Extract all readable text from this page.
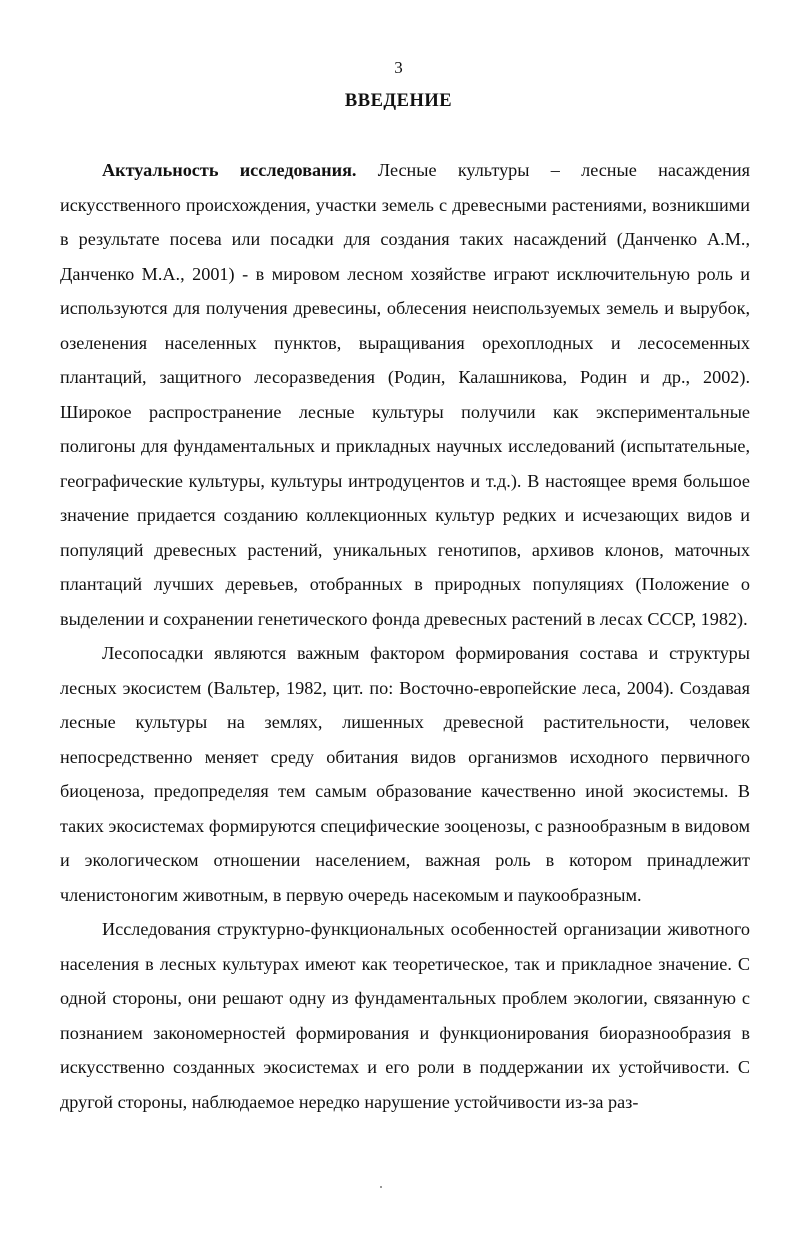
3
ВВЕДЕНИЕ

Актуальность исследования. Лесные культуры – лесные насаждения искусственного происхождения, участки земель с древесными растениями, возникшими в результате посева или посадки для создания таких насаждений (Данченко А.М., Данченко М.А., 2001) - в мировом лесном хозяйстве играют исключительную роль и используются для получения древесины, облесения неиспользуемых земель и вырубок, озеленения населенных пунктов, выращивания орехоплодных и лесосеменных плантаций, защитного лесоразведения (Родин, Калашникова, Родин и др., 2002). Широкое распространение лесные культуры получили как экспериментальные полигоны для фундаментальных и прикладных научных исследований (испытательные, географические культуры, культуры интродуцентов и т.д.). В настоящее время большое значение придается созданию коллекционных культур редких и исчезающих видов и популяций древесных растений, уникальных генотипов, архивов клонов, маточных плантаций лучших деревьев, отобранных в природных популяциях (Положение о выделении и сохранении генетического фонда древесных растений в лесах СССР, 1982).

Лесопосадки являются важным фактором формирования состава и структуры лесных экосистем (Вальтер, 1982, цит. по: Восточно-европейские леса, 2004). Создавая лесные культуры на землях, лишенных древесной растительности, человек непосредственно меняет среду обитания видов организмов исходного первичного биоценоза, предопределяя тем самым образование качественно иной экосистемы. В таких экосистемах формируются специфические зооценозы, с разнообразным в видовом и экологическом отношении населением, важная роль в котором принадлежит членистоногим животным, в первую очередь насекомым и паукообразным.

Исследования структурно-функциональных особенностей организации животного населения в лесных культурах имеют как теоретическое, так и прикладное значение. С одной стороны, они решают одну из фундаментальных проблем экологии, связанную с познанием закономерностей формирования и функционирования биоразнообразия в искусственно созданных экосистемах и его роли в поддержании их устойчивости. С другой стороны, наблюдаемое нередко нарушение устойчивости из-за раз-
